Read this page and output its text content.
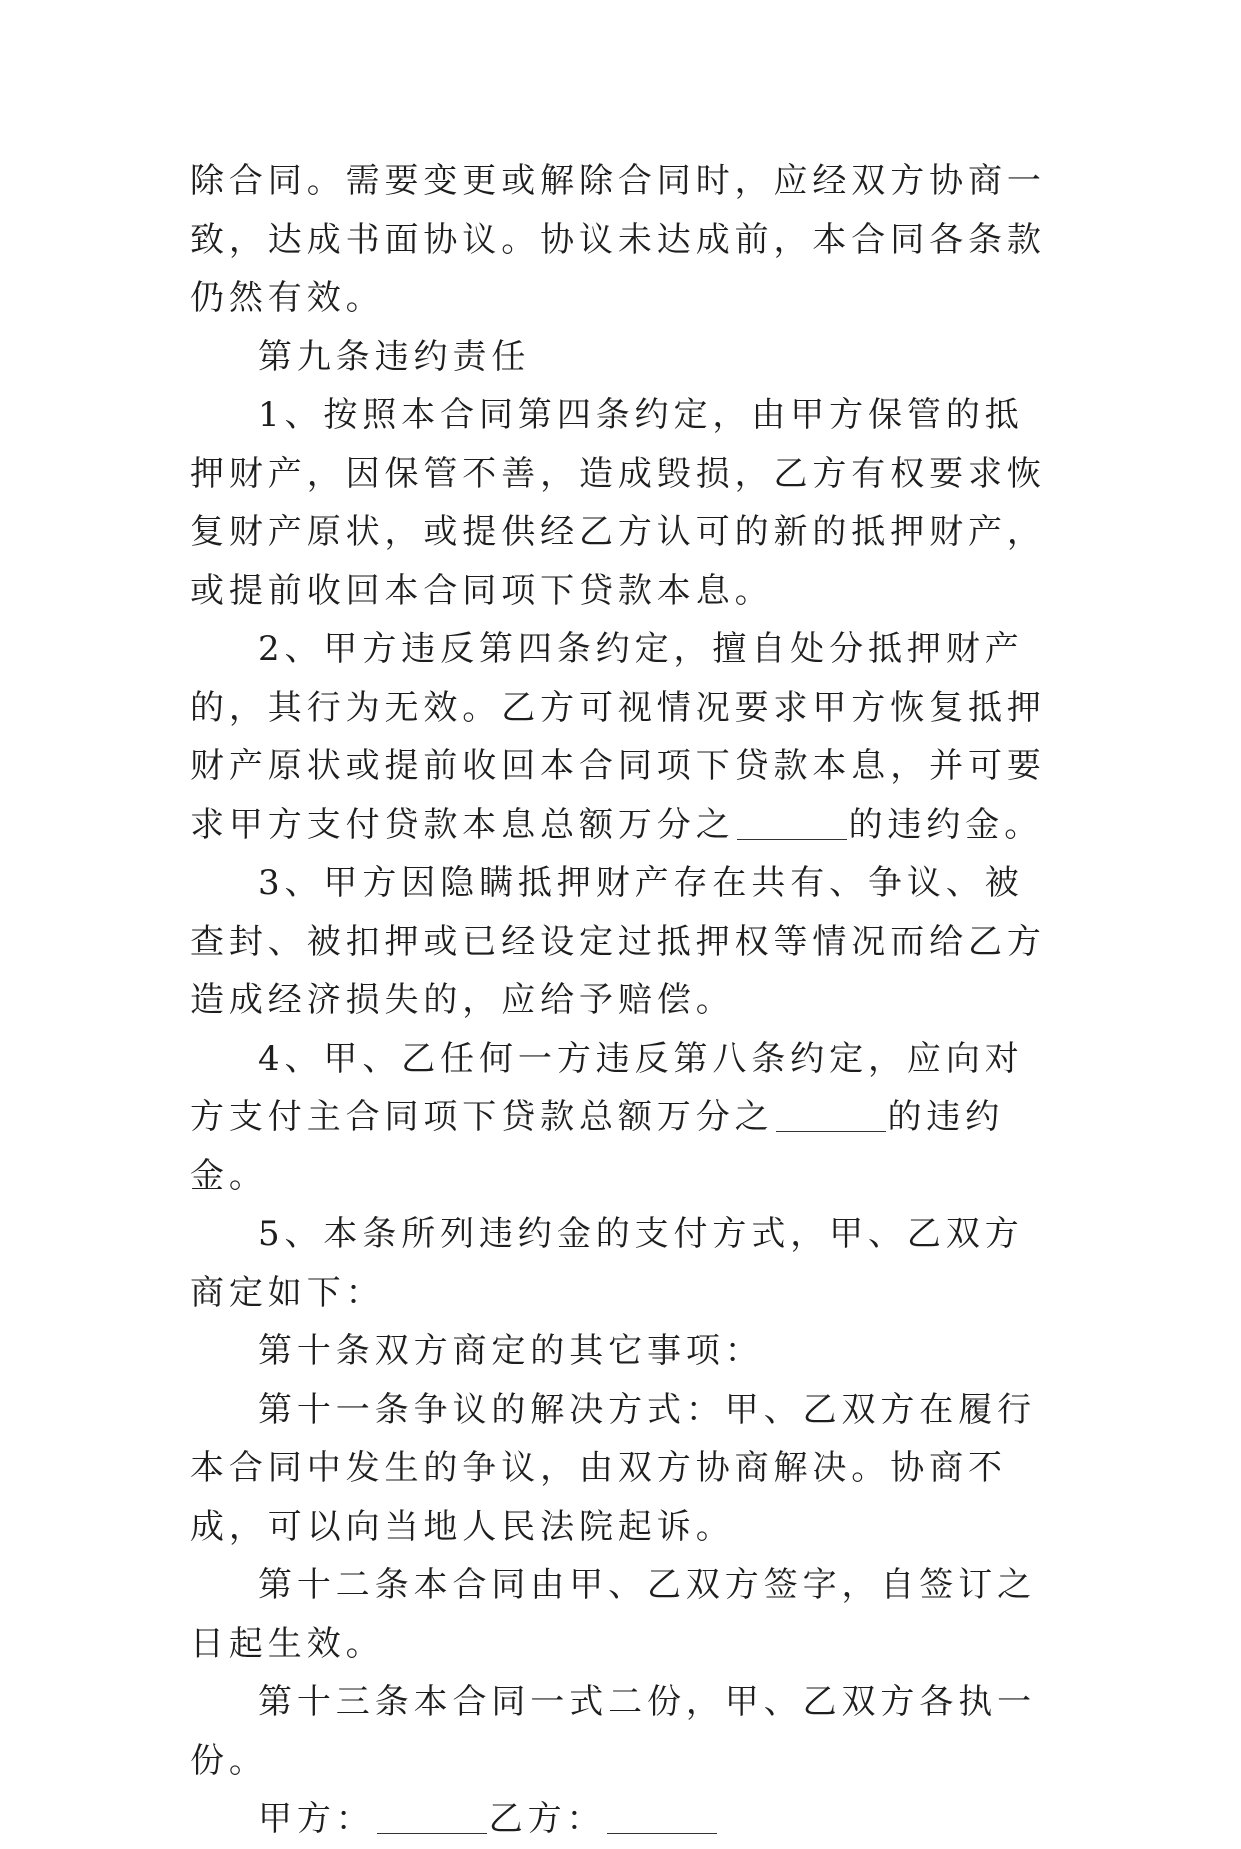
除合同。需要变更或解除合同时，应经双方协商一致，达成书面协议。协议未达成前，本合同各条款仍然有效。

第九条违约责任

1、按照本合同第四条约定，由甲方保管的抵押财产，因保管不善，造成毁损，乙方有权要求恢复财产原状，或提供经乙方认可的新的抵押财产，或提前收回本合同项下贷款本息。

2、甲方违反第四条约定，擅自处分抵押财产的，其行为无效。乙方可视情况要求甲方恢复抵押财产原状或提前收回本合同项下贷款本息，并可要求甲方支付贷款本息总额万分之	的违约金。

3、甲方因隐瞒抵押财产存在共有、争议、被查封、被扣押或已经设定过抵押权等情况而给乙方造成经济损失的，应给予赔偿。

4、甲、乙任何一方违反第八条约定，应向对方支付主合同项下贷款总额万分之	的违约金。

5、本条所列违约金的支付方式，甲、乙双方商定如下：

第十条双方商定的其它事项：

第十一条争议的解决方式：甲、乙双方在履行本合同中发生的争议，由双方协商解决。协商不成，可以向当地人民法院起诉。

第十二条本合同由甲、乙双方签字，自签订之日起生效。

第十三条本合同一式二份，甲、乙双方各执一份。

甲方：	乙方：
